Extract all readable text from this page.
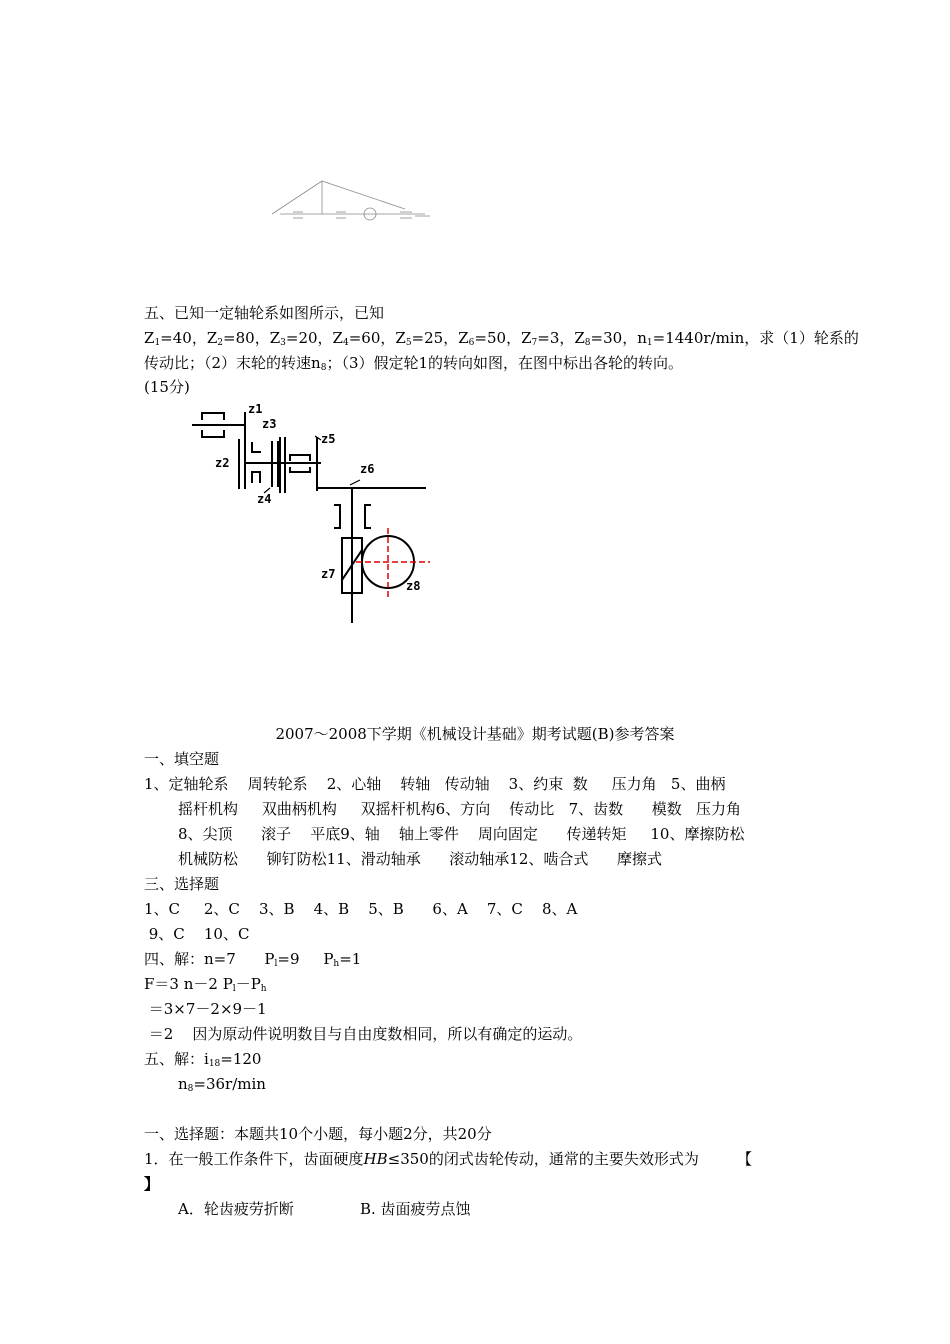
五、已知一定轴轮系如图所示，已知
$Z_1=40$，$Z_2=80$，$Z_3=20$，$Z_4=60$，$Z_5=25$，$Z_6=50$，$Z_7=3$，$Z_8=30$，$n_1=1440r/\min$，求（1）轮系的
传动比；（2）末轮的转速$n_8$；（3）假定轮1的转向如图，在图中标出各轮的转向。
(15分)
z1
z3
z5
z2	z6
z4
z7
z8
2007～2008下学期《机械设计基础》期考试题(B)参考答案
一、填空题
1、定轴轮系    周转轮系    2、心轴    转轴   传动轴    3、约束  数     压力角   5、曲柄
摇杆机构     双曲柄机构     双摇杆机构6、方向    传动比   7、齿数      模数   压力角
8、尖顶      滚子    平底9、轴    轴上零件    周向固定      传递转矩     10、摩擦防松
机械防松      铆钉防松11、滑动轴承      滚动轴承12、啮合式      摩擦式
三、选择题
1、C     2、C    3、B    4、B    5、B      6、A    7、C    8、A
9、C    10、C
四、解：n=7      $P_l=9$     $P_h=1$
F＝3 n－2 $P_l-P_h$
＝3×7－2×9－1
＝2    因为原动件说明数目与自由度数相同，所以有确定的运动。
五、解：$i_{18}=120$
$n_8=36r/\min$
一、选择题：本题共10个小题，每小题2分，共20分
1．在一般工作条件下，齿面硬度HB≤350的闭式齿轮传动，通常的主要失效形式为        【
】
A．轮齿疲劳折断	B. 齿面疲劳点蚀
